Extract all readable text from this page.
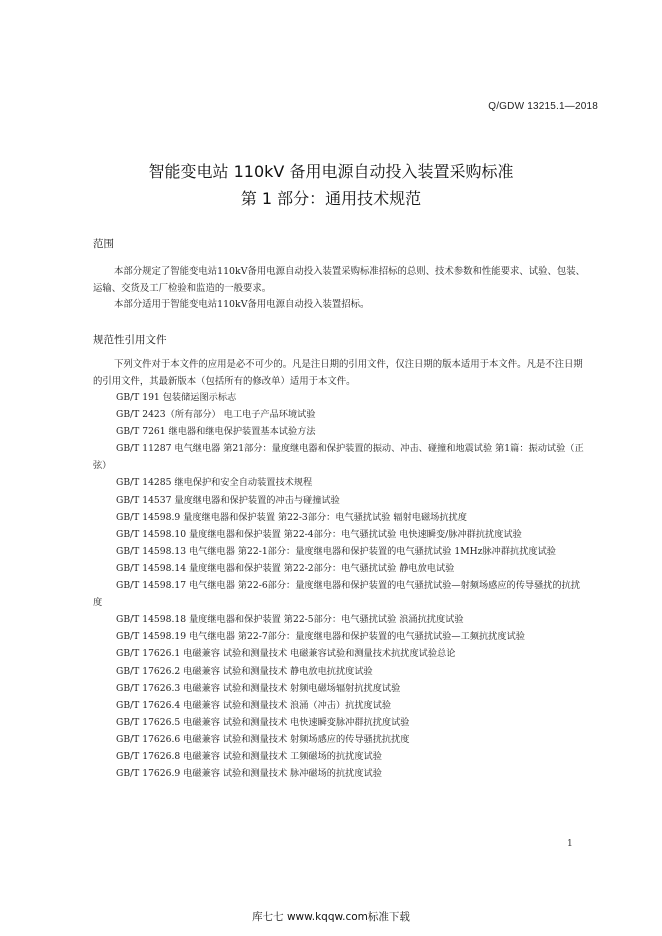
Q/GDW 13215.1—2018
智能变电站 110kV 备用电源自动投入装置采购标准
第 1 部分：通用技术规范
范围
本部分规定了智能变电站110kV备用电源自动投入装置采购标准招标的总则、技术参数和性能要求、试验、包装、运输、交货及工厂检验和监造的一般要求。
本部分适用于智能变电站110kV备用电源自动投入装置招标。
规范性引用文件
下列文件对于本文件的应用是必不可少的。凡是注日期的引用文件，仅注日期的版本适用于本文件。凡是不注日期的引用文件，其最新版本（包括所有的修改单）适用于本文件。
GB/T 191 包装储运图示标志
GB/T 2423（所有部分） 电工电子产品环境试验
GB/T 7261 继电器和继电保护装置基本试验方法
GB/T 11287 电气继电器 第21部分：量度继电器和保护装置的振动、冲击、碰撞和地震试验 第1篇：振动试验（正弦）
GB/T 14285 继电保护和安全自动装置技术规程
GB/T 14537 量度继电器和保护装置的冲击与碰撞试验
GB/T 14598.9 量度继电器和保护装置 第22-3部分：电气骚扰试验 辐射电磁场抗扰度
GB/T 14598.10 量度继电器和保护装置 第22-4部分：电气骚扰试验 电快速瞬变/脉冲群抗扰度试验
GB/T 14598.13 电气继电器 第22-1部分：量度继电器和保护装置的电气骚扰试验 1MHz脉冲群抗扰度试验
GB/T 14598.14 量度继电器和保护装置 第22-2部分：电气骚扰试验 静电放电试验
GB/T 14598.17 电气继电器 第22-6部分：量度继电器和保护装置的电气骚扰试验—射频场感应的传导骚扰的抗扰度
GB/T 14598.18 量度继电器和保护装置 第22-5部分：电气骚扰试验 浪涌抗扰度试验
GB/T 14598.19 电气继电器 第22-7部分：量度继电器和保护装置的电气骚扰试验—工频抗扰度试验
GB/T 17626.1 电磁兼容 试验和测量技术 电磁兼容试验和测量技术抗扰度试验总论
GB/T 17626.2 电磁兼容 试验和测量技术 静电放电抗扰度试验
GB/T 17626.3 电磁兼容 试验和测量技术 射频电磁场辐射抗扰度试验
GB/T 17626.4 电磁兼容 试验和测量技术 浪涌（冲击）抗扰度试验
GB/T 17626.5 电磁兼容 试验和测量技术 电快速瞬变脉冲群抗扰度试验
GB/T 17626.6 电磁兼容 试验和测量技术 射频场感应的传导骚扰抗扰度
GB/T 17626.8 电磁兼容 试验和测量技术 工频磁场的抗扰度试验
GB/T 17626.9 电磁兼容 试验和测量技术 脉冲磁场的抗扰度试验
1
库七七 www.kqqw.com标准下载
